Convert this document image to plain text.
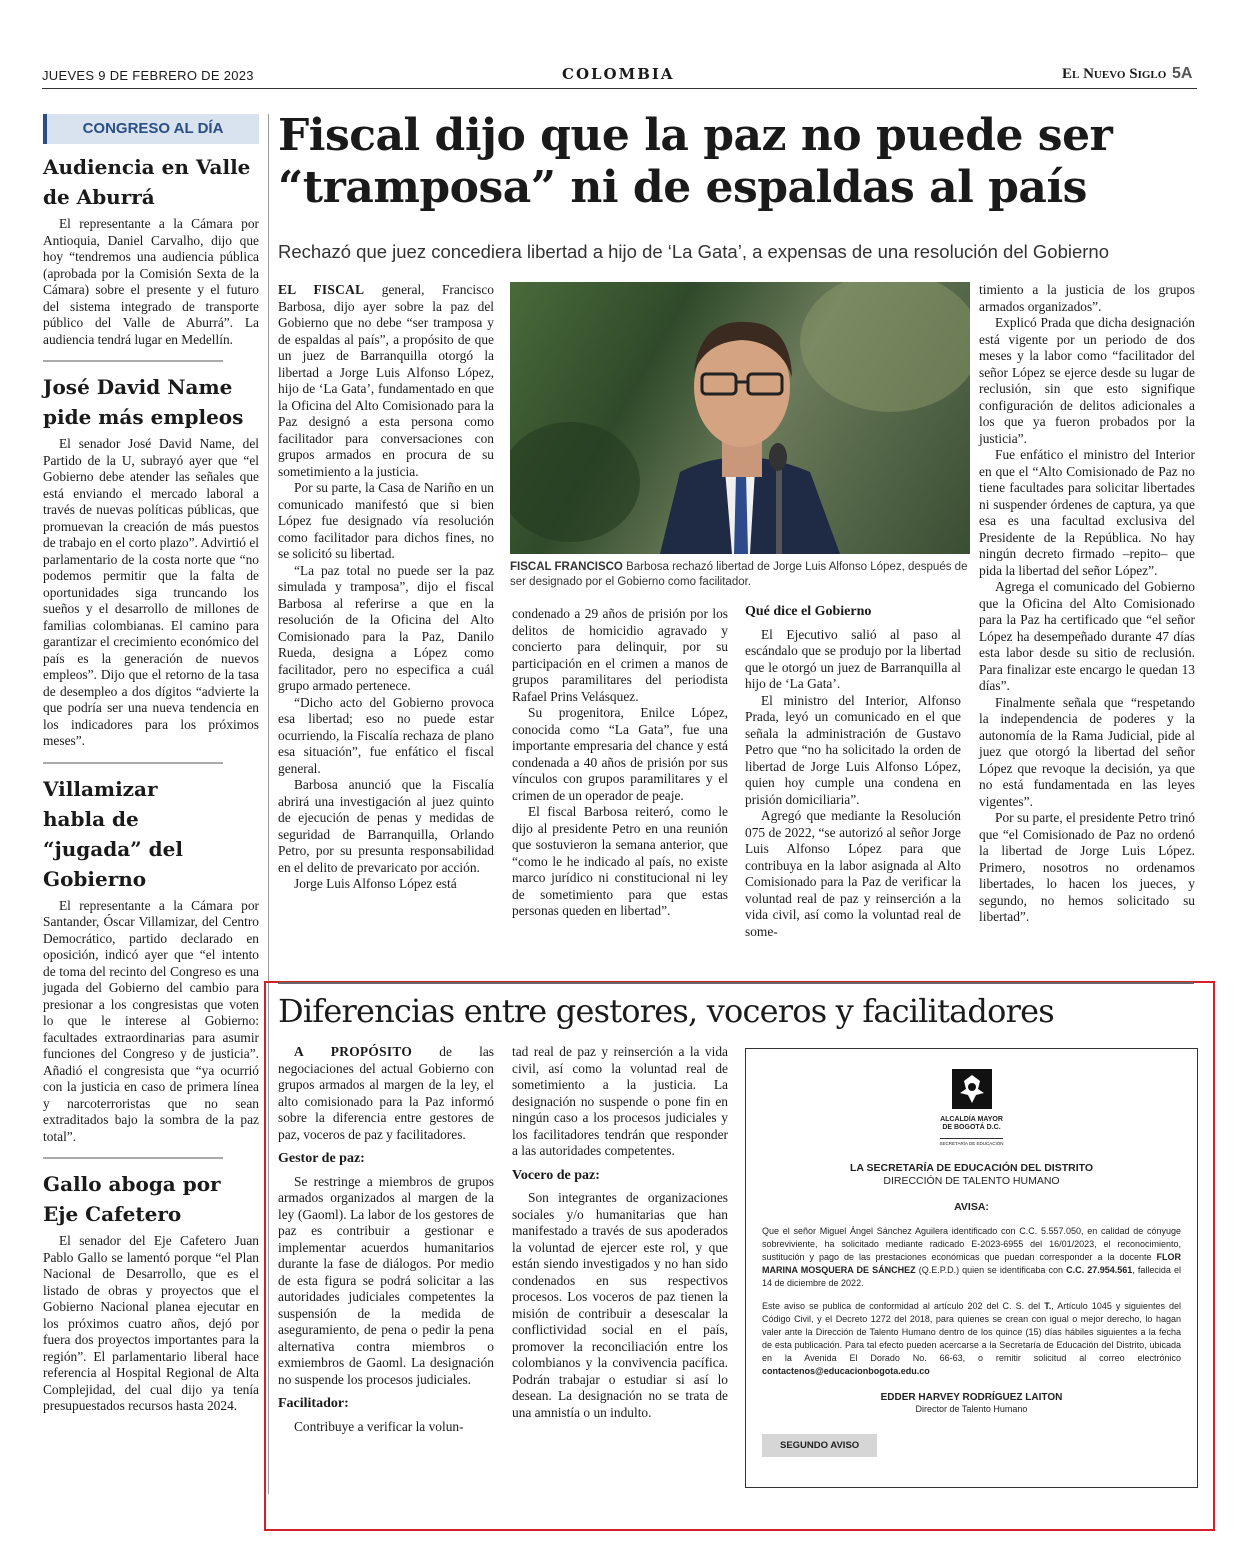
JUEVES 9 DE FEBRERO DE 2023	COLOMBIA	El Nuevo Siglo 5A
CONGRESO AL DÍA
Audiencia en Valle de Aburrá

El representante a la Cámara por Antioquia, Daniel Carvalho, dijo que hoy “tendremos una audiencia pública (aprobada por la Comisión Sexta de la Cámara) sobre el presente y el futuro del sistema integrado de transporte público del Valle de Aburrá”. La audiencia tendrá lugar en Medellín.

José David Name pide más empleos

El senador José David Name, del Partido de la U, subrayó ayer que “el Gobierno debe atender las señales que está enviando el mercado laboral a través de nuevas políticas públicas, que promuevan la creación de más puestos de trabajo en el corto plazo”. Advirtió el parlamentario de la costa norte que “no podemos permitir que la falta de oportunidades siga truncando los sueños y el desarrollo de millones de familias colombianas. El camino para garantizar el crecimiento económico del país es la generación de nuevos empleos”. Dijo que el retorno de la tasa de desempleo a dos dígitos “advierte la que podría ser una nueva tendencia en los indicadores para los próximos meses”.

Villamizar habla de “jugada” del Gobierno

El representante a la Cámara por Santander, Óscar Villamizar, del Centro Democrático, partido declarado en oposición, indicó ayer que “el intento de toma del recinto del Congreso es una jugada del Gobierno del cambio para presionar a los congresistas que voten lo que le interese al Gobierno: facultades extraordinarias para asumir funciones del Congreso y de justicia”. Añadió el congresista que “ya ocurrió con la justicia en caso de primera línea y narcoterroristas que no sean extraditados bajo la sombra de la paz total”.

Gallo aboga por Eje Cafetero

El senador del Eje Cafetero Juan Pablo Gallo se lamentó porque “el Plan Nacional de Desarrollo, que es el listado de obras y proyectos que el Gobierno Nacional planea ejecutar en los próximos cuatro años, dejó por fuera dos proyectos importantes para la región”. El parlamentario liberal hace referencia al Hospital Regional de Alta Complejidad, del cual dijo ya tenía presupuestados recursos hasta 2024.

Fiscal dijo que la paz no puede ser “tramposa” ni de espaldas al país
Rechazó que juez concediera libertad a hijo de ‘La Gata’, a expensas de una resolución del Gobierno
FISCAL FRANCISCO Barbosa rechazó libertad de Jorge Luis Alfonso López, después de ser designado por el Gobierno como facilitador.

EL FISCAL general, Francisco Barbosa, dijo ayer sobre la paz del Gobierno que no debe “ser tramposa y de espaldas al país”, a propósito de que un juez de Barranquilla otorgó la libertad a Jorge Luis Alfonso López, hijo de ‘La Gata’, fundamentado en que la Oficina del Alto Comisionado para la Paz designó a esta persona como facilitador para conversaciones con grupos armados en procura de su sometimiento a la justicia.

Por su parte, la Casa de Nariño en un comunicado manifestó que si bien López fue designado vía resolución como facilitador para dichos fines, no se solicitó su libertad.

“La paz total no puede ser la paz simulada y tramposa”, dijo el fiscal Barbosa al referirse a que en la resolución de la Oficina del Alto Comisionado para la Paz, Danilo Rueda, designa a López como facilitador, pero no especifica a cuál grupo armado pertenece.

“Dicho acto del Gobierno provoca esa libertad; eso no puede estar ocurriendo, la Fiscalía rechaza de plano esa situación”, fue enfático el fiscal general.

Barbosa anunció que la Fiscalía abrirá una investigación al juez quinto de ejecución de penas y medidas de seguridad de Barranquilla, Orlando Petro, por su presunta responsabilidad en el delito de prevaricato por acción.

Jorge Luis Alfonso López está

condenado a 29 años de prisión por los delitos de homicidio agravado y concierto para delinquir, por su participación en el crimen a manos de grupos paramilitares del periodista Rafael Prins Velásquez.

Su progenitora, Enilce López, conocida como “La Gata”, fue una importante empresaria del chance y está condenada a 40 años de prisión por sus vínculos con grupos paramilitares y el crimen de un operador de peaje.

El fiscal Barbosa reiteró, como le dijo al presidente Petro en una reunión que sostuvieron la semana anterior, que “como le he indicado al país, no existe marco jurídico ni constitucional ni ley de sometimiento para que estas personas queden en libertad”.

Qué dice el Gobierno

El Ejecutivo salió al paso al escándalo que se produjo por la libertad que le otorgó un juez de Barranquilla al hijo de ‘La Gata’.

El ministro del Interior, Alfonso Prada, leyó un comunicado en el que señala la administración de Gustavo Petro que “no ha solicitado la orden de libertad de Jorge Luis Alfonso López, quien hoy cumple una condena en prisión domiciliaria”.

Agregó que mediante la Resolución 075 de 2022, “se autorizó al señor Jorge Luis Alfonso López para que contribuya en la labor asignada al Alto Comisionado para la Paz de verificar la voluntad real de paz y reinserción a la vida civil, así como la voluntad real de some-

timiento a la justicia de los grupos armados organizados”.

Explicó Prada que dicha designación está vigente por un periodo de dos meses y la labor como “facilitador del señor López se ejerce desde su lugar de reclusión, sin que esto signifique configuración de delitos adicionales a los que ya fueron probados por la justicia”.

Fue enfático el ministro del Interior en que el “Alto Comisionado de Paz no tiene facultades para solicitar libertades ni suspender órdenes de captura, ya que esa es una facultad exclusiva del Presidente de la República. No hay ningún decreto firmado –repito– que pida la libertad del señor López”.

Agrega el comunicado del Gobierno que la Oficina del Alto Comisionado para la Paz ha certificado que “el señor López ha desempeñado durante 47 días esta labor desde su sitio de reclusión. Para finalizar este encargo le quedan 13 días”.

Finalmente señala que “respetando la independencia de poderes y la autonomía de la Rama Judicial, pide al juez que otorgó la libertad del señor López que revoque la decisión, ya que no está fundamentada en las leyes vigentes”.

Por su parte, el presidente Petro trinó que “el Comisionado de Paz no ordenó la libertad de Jorge Luis López. Primero, nosotros no ordenamos libertades, lo hacen los jueces, y segundo, no hemos solicitado su libertad”.

Diferencias entre gestores, voceros y facilitadores

A PROPÓSITO de las negociaciones del actual Gobierno con grupos armados al margen de la ley, el alto comisionado para la Paz informó sobre la diferencia entre gestores de paz, voceros de paz y facilitadores.

Gestor de paz:

Se restringe a miembros de grupos armados organizados al margen de la ley (Gaoml). La labor de los gestores de paz es contribuir a gestionar e implementar acuerdos humanitarios durante la fase de diálogos. Por medio de esta figura se podrá solicitar a las autoridades judiciales competentes la suspensión de la medida de aseguramiento, de pena o pedir la pena alternativa contra miembros o exmiembros de Gaoml. La designación no suspende los procesos judiciales.

Facilitador:

Contribuye a verificar la volun-

tad real de paz y reinserción a la vida civil, así como la voluntad real de sometimiento a la justicia. La designación no suspende o pone fin en ningún caso a los procesos judiciales y los facilitadores tendrán que responder a las autoridades competentes.

Vocero de paz:

Son integrantes de organizaciones sociales y/o humanitarias que han manifestado a través de sus apoderados la voluntad de ejercer este rol, y que están siendo investigados y no han sido condenados en sus respectivos procesos. Los voceros de paz tienen la misión de contribuir a desescalar la conflictividad social en el país, promover la reconciliación entre los colombianos y la convivencia pacífica. Podrán trabajar o estudiar si así lo desean. La designación no se trata de una amnistía o un indulto.

ALCALDÍA MAYOR
DE BOGOTÁ D.C.
SECRETARÍA DE EDUCACIÓN
LA SECRETARÍA DE EDUCACIÓN DEL DISTRITO
DIRECCIÓN DE TALENTO HUMANO
AVISA:

Que el señor Miguel Ángel Sánchez Aguilera identificado con C.C. 5.557.050, en calidad de cónyuge sobreviviente, ha solicitado mediante radicado E-2023-6955 del 16/01/2023, el reconocimiento, sustitución y pago de las prestaciones económicas que puedan corresponder a la docente FLOR MARINA MOSQUERA DE SÁNCHEZ (Q.E.P.D.) quien se identificaba con C.C. 27.954.561, fallecida el 14 de diciembre de 2022.

Este aviso se publica de conformidad al artículo 202 del C. S. del T., Artículo 1045 y siguientes del Código Civil, y el Decreto 1272 del 2018, para quienes se crean con igual o mejor derecho, lo hagan valer ante la Dirección de Talento Humano dentro de los quince (15) días hábiles siguientes a la fecha de esta publicación. Para tal efecto pueden acercarse a la Secretaría de Educación del Distrito, ubicada en la Avenida El Dorado No. 66-63, o remitir solicitud al correo electrónico contactenos@educacionbogota.edu.co

EDDER HARVEY RODRÍGUEZ LAITON
Director de Talento Humano
SEGUNDO AVISO
